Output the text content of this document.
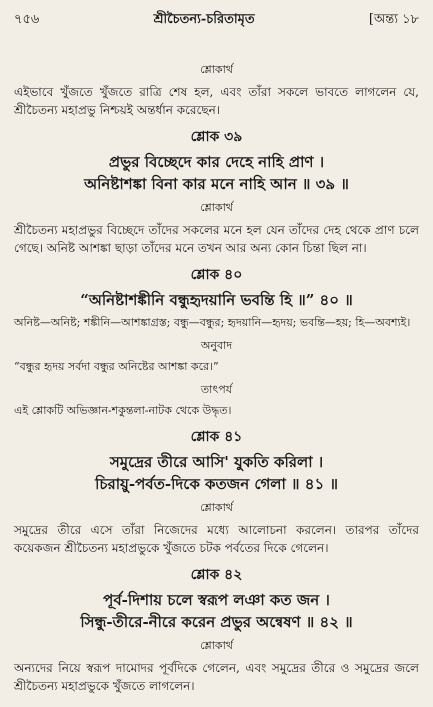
৭৫৬	শ্রীচৈতন্য-চরিতামৃত	[অন্ত্য ১৮
শ্লোকার্থ
এইভাবে খুঁজতে খুঁজতে রাত্রি শেষ হল, এবং তাঁরা সকলে ভাবতে লাগলেন যে, শ্রীচৈতন্য মহাপ্রভু নিশ্চয়ই অন্তর্ধান করেছেন।
শ্লোক ৩৯
প্রভুর বিচ্ছেদে কার দেহে নাহি প্রাণ ।
অনিষ্টাশঙ্কা বিনা কার মনে নাহি আন ॥ ৩৯ ॥
শ্লোকার্থ
শ্রীচৈতন্য মহাপ্রভুর বিচ্ছেদে তাঁদের সকলের মনে হল যেন তাঁদের দেহ থেকে প্রাণ চলে গেছে। অনিষ্ট আশঙ্কা ছাড়া তাঁদের মনে তখন আর অন্য কোন চিন্তা ছিল না।
শ্লোক ৪০
“অনিষ্টাশঙ্কীনি বন্ধুহৃদয়ানি ভবন্তি হি ॥” ৪০ ॥
অনিষ্ট—অনিষ্ট; শঙ্কীনি—আশঙ্কাগ্রস্ত; বন্ধু—বন্ধুর; হৃদয়ানি—হৃদয়; ভবন্তি—হয়; হি—অবশ্যই।
অনুবাদ
“বন্ধুর হৃদয় সর্বদা বন্ধুর অনিষ্টের আশঙ্কা করে।”
তাৎপর্য
এই শ্লোকটি অভিজ্ঞান-শকুন্তলা-নাটক থেকে উদ্ধৃত।
শ্লোক ৪১
সমুদ্রের তীরে আসি' যুকতি করিলা ।
চিরায়ু-পর্বত-দিকে কতজন গেলা ॥ ৪১ ॥
শ্লোকার্থ
সমুদ্রের তীরে এসে তাঁরা নিজেদের মধ্যে আলোচনা করলেন। তারপর তাঁদের কয়েকজন শ্রীচৈতন্য মহাপ্রভুকে খুঁজতে চটক পর্বতের দিকে গেলেন।
শ্লোক ৪২
পূর্ব-দিশায় চলে স্বরূপ লঞা কত জন ।
সিন্ধু-তীরে-নীরে করেন প্রভুর অন্বেষণ ॥ ৪২ ॥
শ্লোকার্থ
অন্যদের নিয়ে স্বরূপ দামোদর পূর্বদিকে গেলেন, এবং সমুদ্রের তীরে ও সমুদ্রের জলে শ্রীচৈতন্য মহাপ্রভুকে খুঁজতে লাগলেন।
